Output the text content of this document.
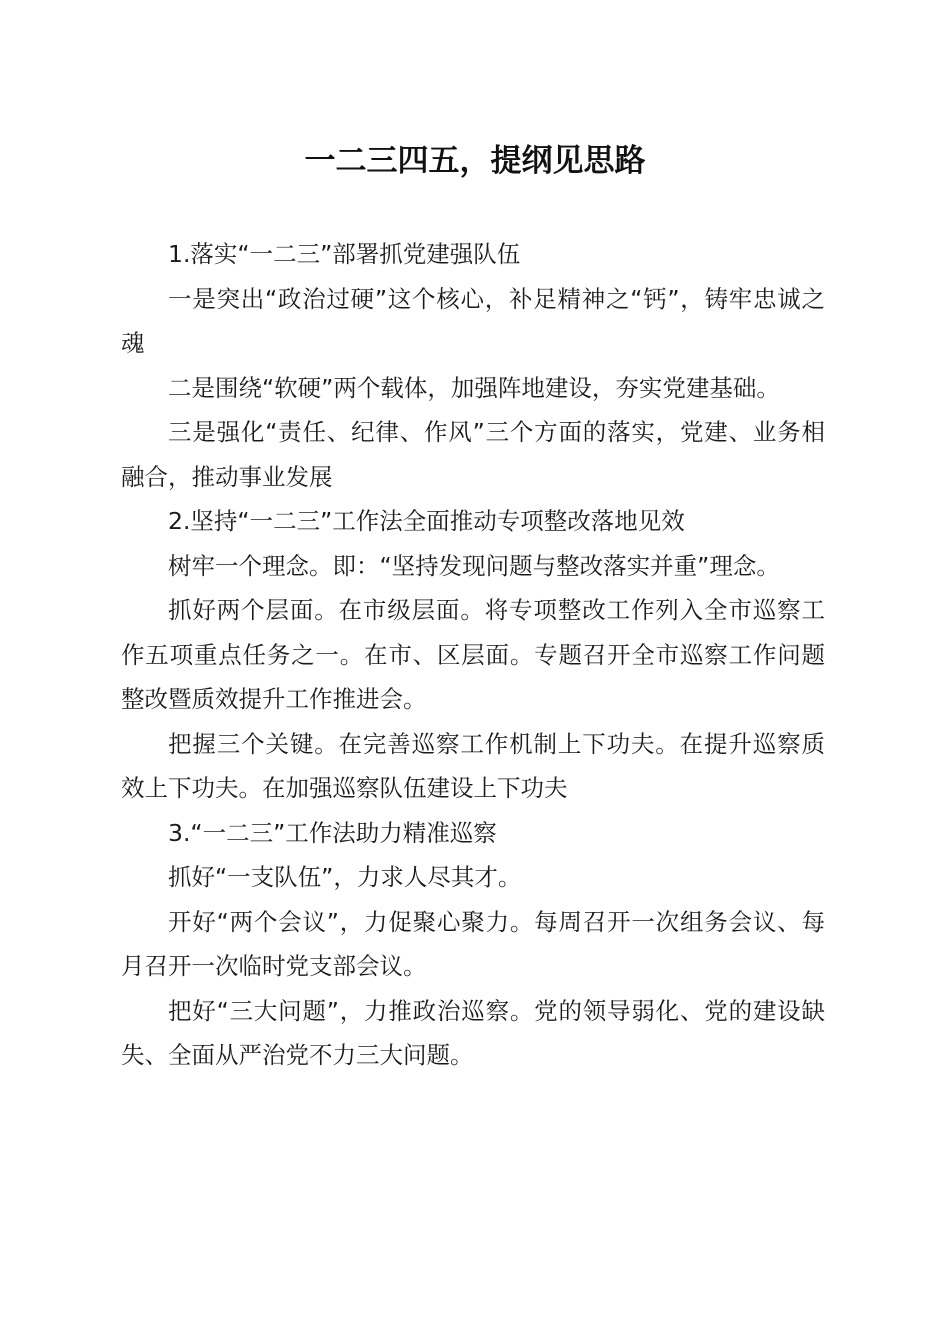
一二三四五，提纲见思路

1.落实“一二三”部署抓党建强队伍

一是突出“政治过硬”这个核心，补足精神之“钙”，铸牢忠诚之魂

二是围绕“软硬”两个载体，加强阵地建设，夯实党建基础。

三是强化“责任、纪律、作风”三个方面的落实，党建、业务相融合，推动事业发展

2.坚持“一二三”工作法全面推动专项整改落地见效

树牢一个理念。即：“坚持发现问题与整改落实并重”理念。

抓好两个层面。在市级层面。将专项整改工作列入全市巡察工作五项重点任务之一。在市、区层面。专题召开全市巡察工作问题整改暨质效提升工作推进会。

把握三个关键。在完善巡察工作机制上下功夫。在提升巡察质效上下功夫。在加强巡察队伍建设上下功夫

3.“一二三”工作法助力精准巡察

抓好“一支队伍”，力求人尽其才。

开好“两个会议”，力促聚心聚力。每周召开一次组务会议、每月召开一次临时党支部会议。

把好“三大问题”，力推政治巡察。党的领导弱化、党的建设缺失、全面从严治党不力三大问题。
